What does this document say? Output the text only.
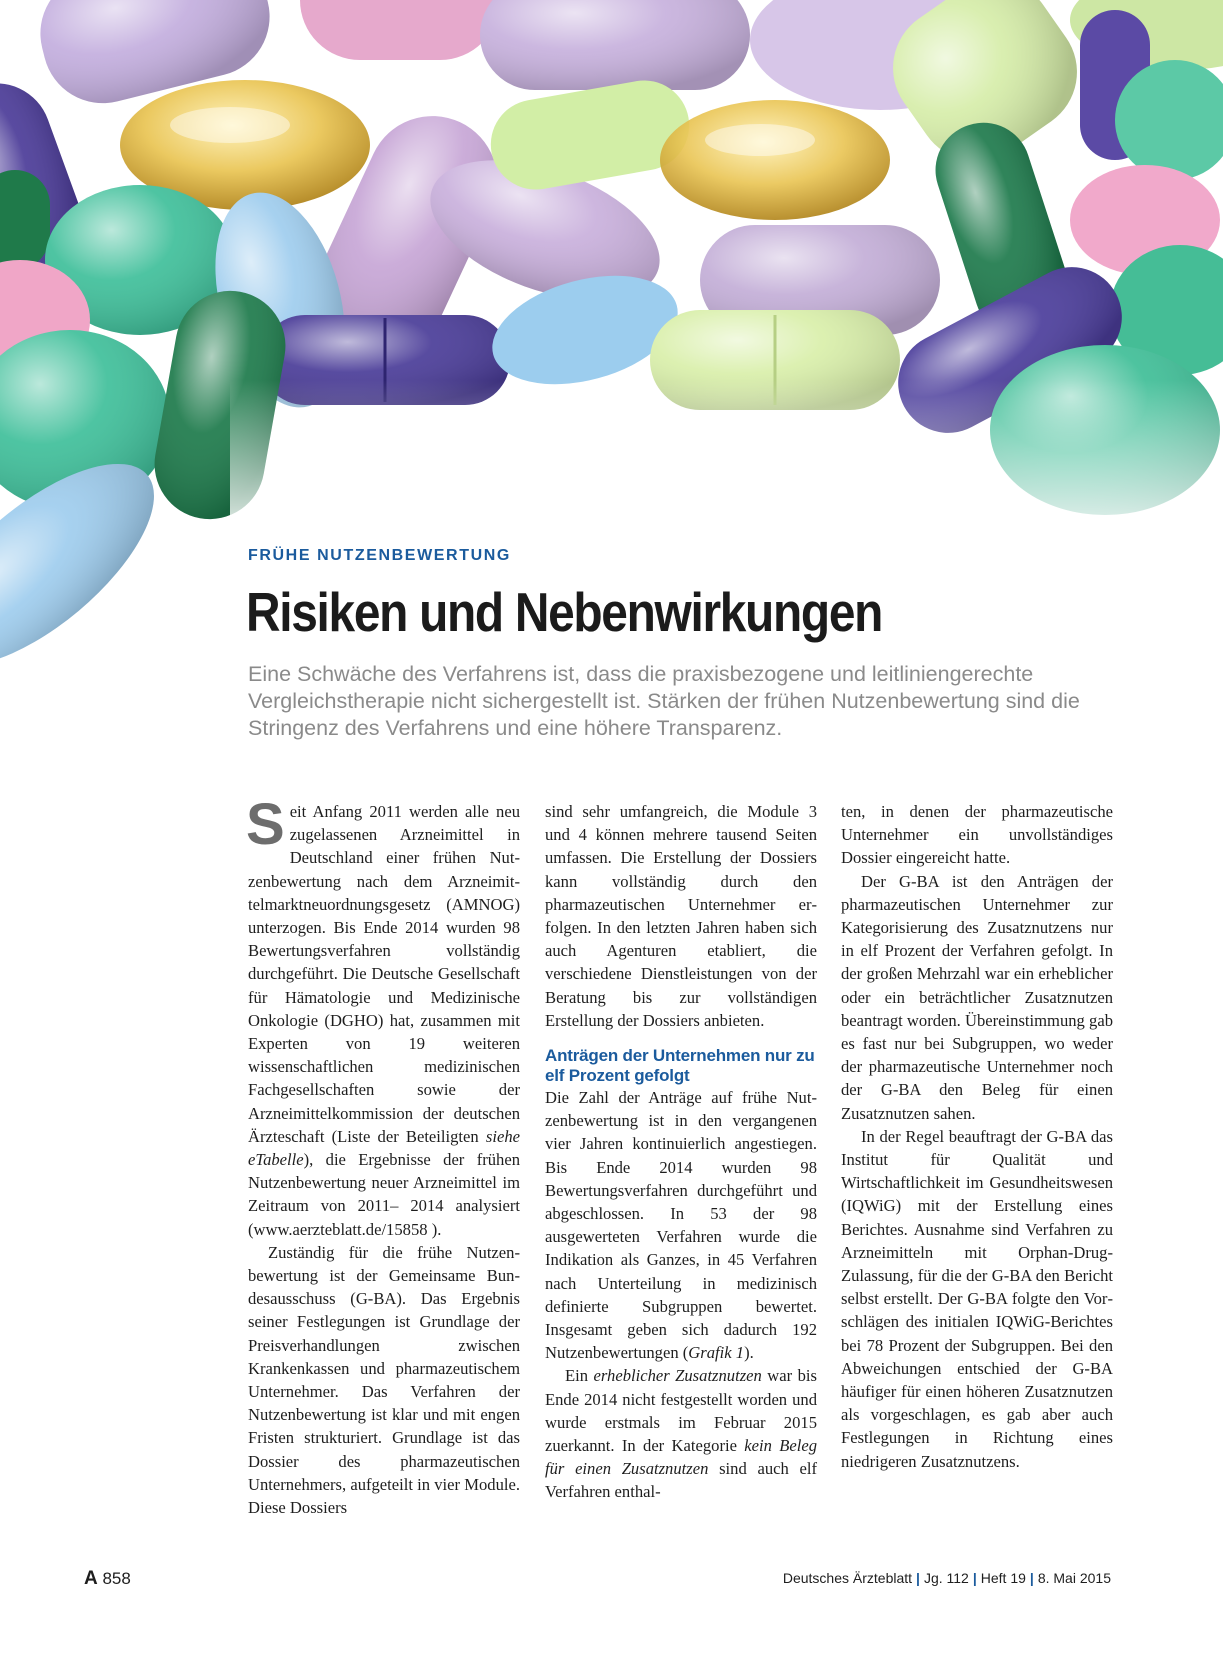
FRÜHE NUTZENBEWERTUNG
Risiken und Nebenwirkungen

Eine Schwäche des Verfahrens ist, dass die praxisbezogene und leitliniengerechte Vergleichstherapie nicht sichergestellt ist. Stärken der frühen Nutzenbewertung sind die Stringenz des Verfahrens und eine höhere Transparenz.

Seit Anfang 2011 werden alle neu zugelassenen Arzneimittel in Deutschland einer frühen Nutzenbewertung nach dem Arzneimittelmarktneuordnungsgesetz (AMNOG) unterzogen. Bis Ende 2014 wurden 98 Bewertungsverfahren vollständig durchgeführt. Die Deutsche Gesellschaft für Hämatologie und Medizinische Onkologie (DGHO) hat, zusammen mit Experten von 19 weiteren wissenschaftlichen medizinischen Fachgesellschaften sowie der Arzneimittelkommission der deutschen Ärzteschaft (Liste der Beteiligten siehe eTabelle), die Ergebnisse der frühen Nutzenbewertung neuer Arzneimittel im Zeitraum von 2011– 2014 analysiert (www.aerzteblatt.de/15858 ).

Zuständig für die frühe Nutzenbewertung ist der Gemeinsame Bundesausschuss (G-BA). Das Ergebnis seiner Festlegungen ist Grundlage der Preisverhandlungen zwischen Krankenkassen und pharmazeutischem Unternehmer. Das Verfahren der Nutzenbewertung ist klar und mit engen Fristen strukturiert. Grundlage ist das Dossier des pharmazeutischen Unternehmers, aufgeteilt in vier Module. Diese Dossiers

sind sehr umfangreich, die Module 3 und 4 können mehrere tausend Seiten umfassen. Die Erstellung der Dossiers kann vollständig durch den pharmazeutischen Unternehmer erfolgen. In den letzten Jahren haben sich auch Agenturen etabliert, die verschiedene Dienstleistungen von der Beratung bis zur vollständigen Erstellung der Dossiers anbieten.

Anträgen der Unternehmen nur zu elf Prozent gefolgt

Die Zahl der Anträge auf frühe Nutzenbewertung ist in den vergangenen vier Jahren kontinuierlich angestiegen. Bis Ende 2014 wurden 98 Bewertungsverfahren durchgeführt und abgeschlossen. In 53 der 98 ausgewerteten Verfahren wurde die Indikation als Ganzes, in 45 Verfahren nach Unterteilung in medizinisch definierte Subgruppen bewertet. Insgesamt geben sich dadurch 192 Nutzenbewertungen (Grafik 1).

Ein erheblicher Zusatznutzen war bis Ende 2014 nicht festgestellt worden und wurde erstmals im Februar 2015 zuerkannt. In der Kategorie kein Beleg für einen Zusatznutzen sind auch elf Verfahren enthal-

ten, in denen der pharmazeutische Unternehmer ein unvollständiges Dossier eingereicht hatte.

Der G-BA ist den Anträgen der pharmazeutischen Unternehmer zur Kategorisierung des Zusatznutzens nur in elf Prozent der Verfahren gefolgt. In der großen Mehrzahl war ein erheblicher oder ein beträchtlicher Zusatznutzen beantragt worden. Übereinstimmung gab es fast nur bei Subgruppen, wo weder der pharmazeutische Unternehmer noch der G-BA den Beleg für einen Zusatznutzen sahen.

In der Regel beauftragt der G-BA das Institut für Qualität und Wirtschaftlichkeit im Gesundheitswesen (IQWiG) mit der Erstellung eines Berichtes. Ausnahme sind Verfahren zu Arzneimitteln mit Orphan-Drug-Zulassung, für die der G-BA den Bericht selbst erstellt. Der G-BA folgte den Vorschlägen des initialen IQWiG-Berichtes bei 78 Prozent der Subgruppen. Bei den Abweichungen entschied der G-BA häufiger für einen höheren Zusatznutzen als vorgeschlagen, es gab aber auch Festlegungen in Richtung eines niedrigeren Zusatznutzens.

A 858	Deutsches Ärzteblatt | Jg. 112 | Heft 19 | 8. Mai 2015
